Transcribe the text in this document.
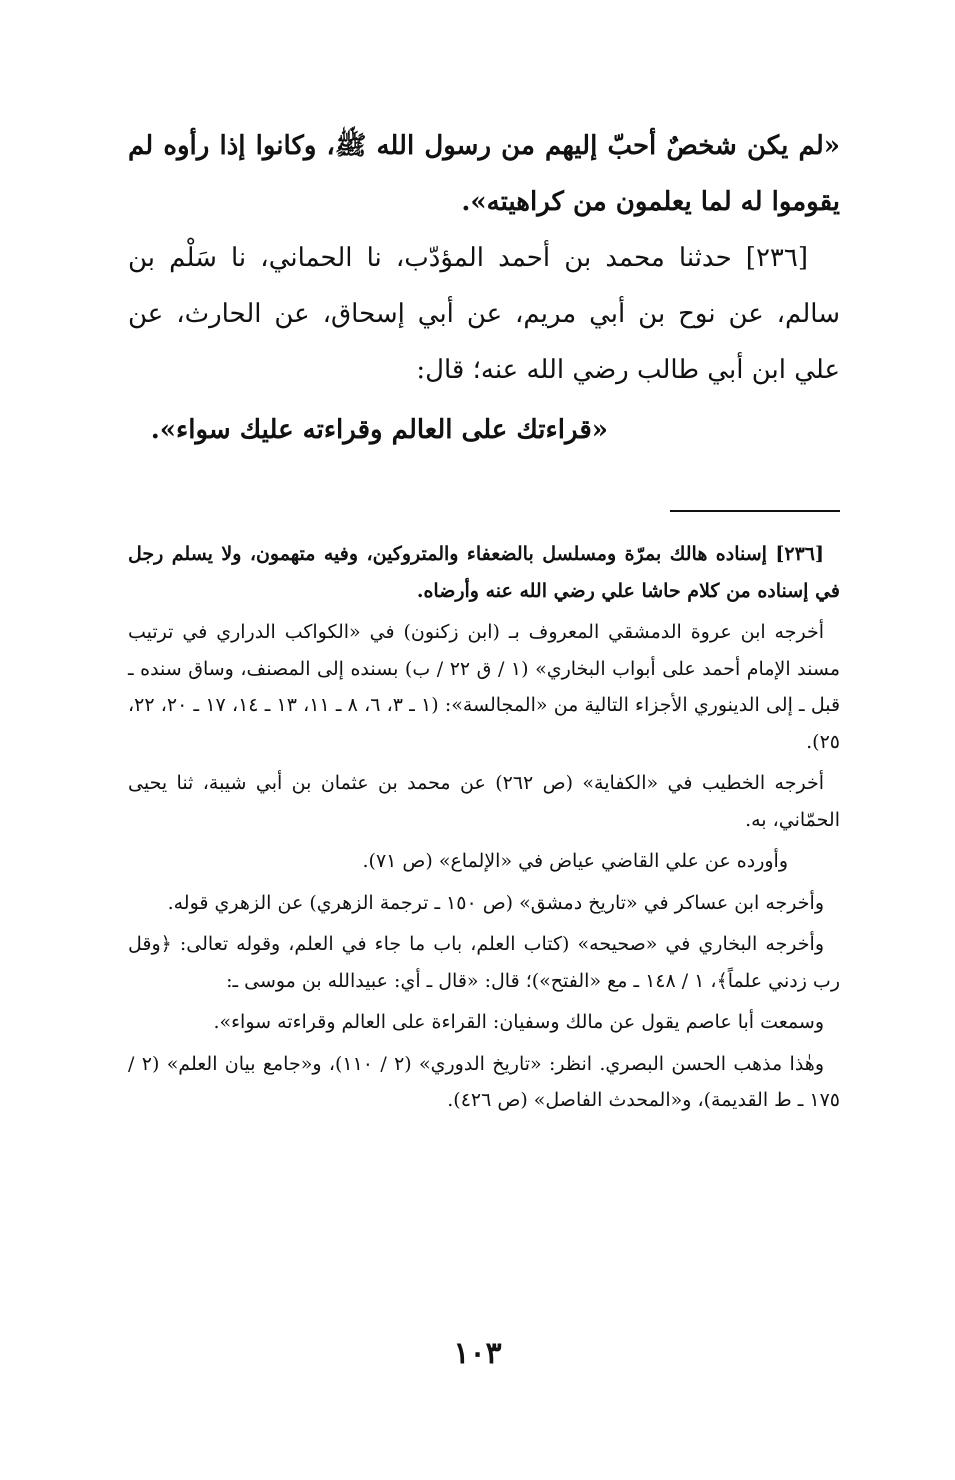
«لم يكن شخصٌ أحبّ إليهم من رسول الله ﷺ، وكانوا إذا رأوه لم يقوموا له لما يعلمون من كراهيته».

[٢٣٦] حدثنا محمد بن أحمد المؤدّب، نا الحماني، نا سَلْم بن سالم، عن نوح بن أبي مريم، عن أبي إسحاق، عن الحارث، عن علي ابن أبي طالب رضي الله عنه؛ قال:

«قراءتك على العالم وقراءته عليك سواء».

[٢٣٦] إسناده هالك بمرّة ومسلسل بالضعفاء والمتروكين، وفيه متهمون، ولا يسلم رجل في إسناده من كلام حاشا علي رضي الله عنه وأرضاه.

أخرجه ابن عروة الدمشقي المعروف بـ (ابن زكنون) في «الكواكب الدراري في ترتيب مسند الإمام أحمد على أبواب البخاري» (١ / ق ٢٢ / ب) بسنده إلى المصنف، وساق سنده ـ قبل ـ إلى الدينوري الأجزاء التالية من «المجالسة»: (١ ـ ٣، ٦، ٨ ـ ١١، ١٣ ـ ١٤، ١٧ ـ ٢٠، ٢٢، ٢٥).

أخرجه الخطيب في «الكفاية» (ص ٢٦٢) عن محمد بن عثمان بن أبي شيبة، ثنا يحيى الحمّاني، به.

وأورده عن علي القاضي عياض في «الإلماع» (ص ٧١).

وأخرجه ابن عساكر في «تاريخ دمشق» (ص ١٥٠ ـ ترجمة الزهري) عن الزهري قوله.

وأخرجه البخاري في «صحيحه» (كتاب العلم، باب ما جاء في العلم، وقوله تعالى: ﴿وقل رب زدني علماً﴾، ١ / ١٤٨ ـ مع «الفتح»)؛ قال: «قال ـ أي: عبيدالله بن موسى ـ:

وسمعت أبا عاصم يقول عن مالك وسفيان: القراءة على العالم وقراءته سواء».

وهٰذا مذهب الحسن البصري. انظر: «تاريخ الدوري» (٢ / ١١٠)، و«جامع بيان العلم» (٢ / ١٧٥ ـ ط القديمة)، و«المحدث الفاصل» (ص ٤٢٦).

١٠٣
